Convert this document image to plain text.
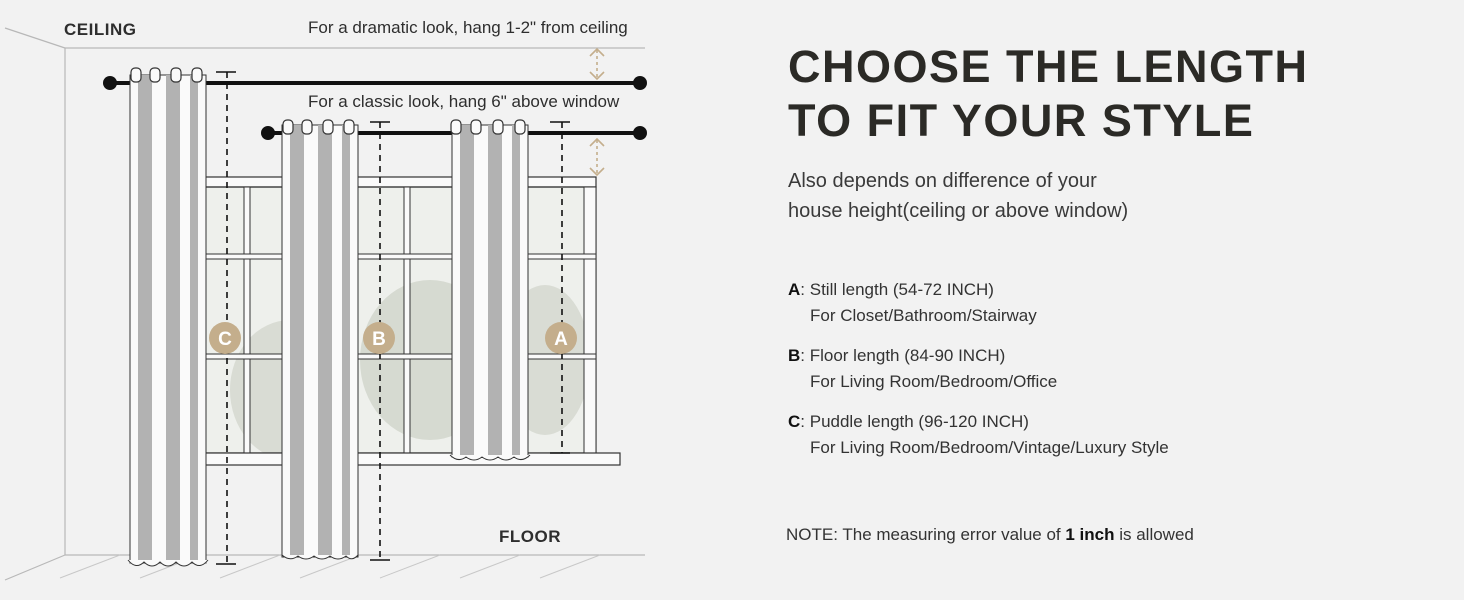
C	B	A
CEILING	For a dramatic look, hang 1-2" from ceiling
For a classic look, hang 6" above window
FLOOR
CHOOSE THE LENGTH
TO FIT YOUR STYLE

Also depends on difference of your
house height(ceiling or above window)

A: Still length (54-72 INCH)
For Closet/Bathroom/Stairway
B: Floor length (84-90 INCH)
For Living Room/Bedroom/Office
C: Puddle length (96-120 INCH)
For Living Room/Bedroom/Vintage/Luxury Style
NOTE: The measuring error value of 1 inch is allowed
